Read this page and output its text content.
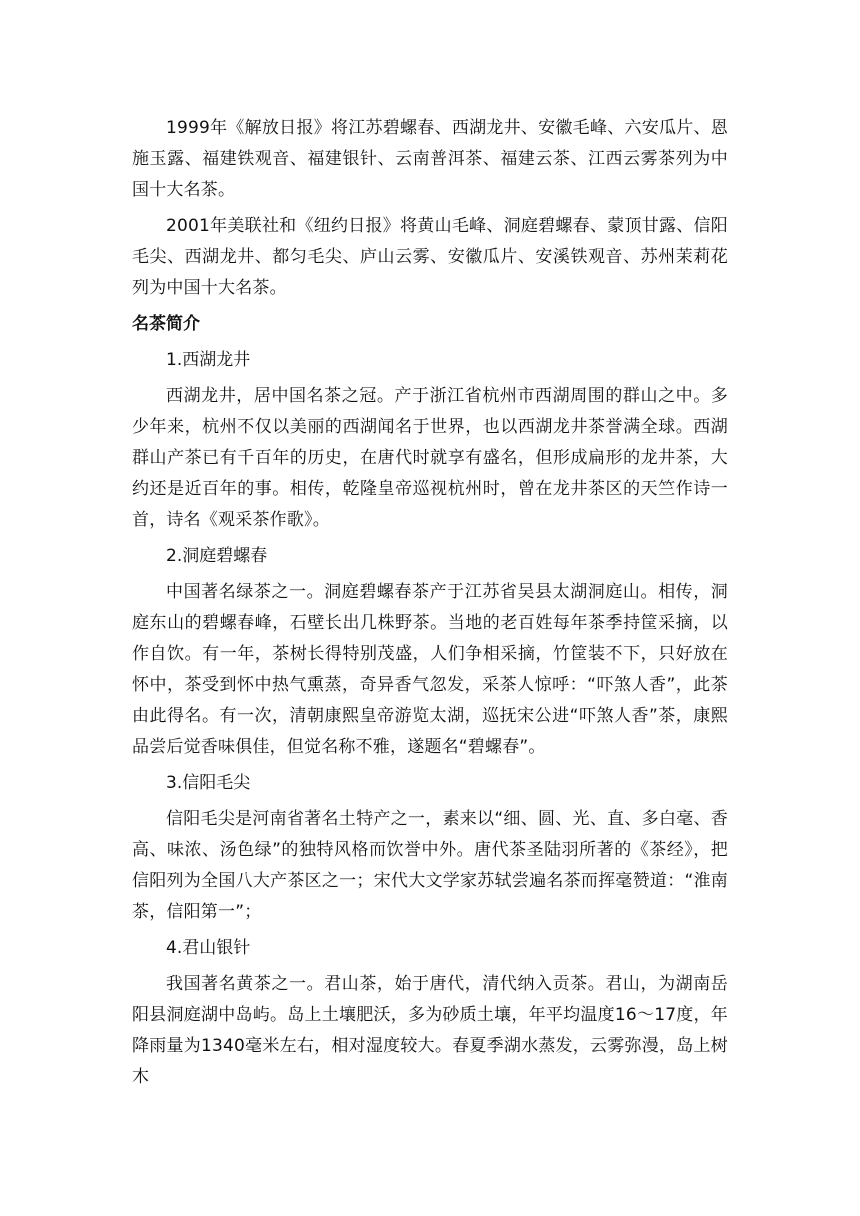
1999年《解放日报》将江苏碧螺春、西湖龙井、安徽毛峰、六安瓜片、恩施玉露、福建铁观音、福建银针、云南普洱茶、福建云茶、江西云雾茶列为中国十大名茶。

2001年美联社和《纽约日报》将黄山毛峰、洞庭碧螺春、蒙顶甘露、信阳毛尖、西湖龙井、都匀毛尖、庐山云雾、安徽瓜片、安溪铁观音、苏州茉莉花列为中国十大名茶。

名茶简介
1.西湖龙井

西湖龙井，居中国名茶之冠。产于浙江省杭州市西湖周围的群山之中。多少年来，杭州不仅以美丽的西湖闻名于世界，也以西湖龙井茶誉满全球。西湖群山产茶已有千百年的历史，在唐代时就享有盛名，但形成扁形的龙井茶，大约还是近百年的事。相传，乾隆皇帝巡视杭州时，曾在龙井茶区的天竺作诗一首，诗名《观采茶作歌》。

2.洞庭碧螺春

中国著名绿茶之一。洞庭碧螺春茶产于江苏省吴县太湖洞庭山。相传，洞庭东山的碧螺春峰，石壁长出几株野茶。当地的老百姓每年茶季持筐采摘，以作自饮。有一年，茶树长得特别茂盛，人们争相采摘，竹筐装不下，只好放在怀中，茶受到怀中热气熏蒸，奇异香气忽发，采茶人惊呼：“吓煞人香”，此茶由此得名。有一次，清朝康熙皇帝游览太湖，巡抚宋公进“吓煞人香”茶，康熙品尝后觉香味俱佳，但觉名称不雅，遂题名“碧螺春”。

3.信阳毛尖

信阳毛尖是河南省著名土特产之一，素来以“细、圆、光、直、多白毫、香高、味浓、汤色绿”的独特风格而饮誉中外。唐代茶圣陆羽所著的《茶经》，把信阳列为全国八大产茶区之一；宋代大文学家苏轼尝遍名茶而挥毫赞道：“淮南茶，信阳第一”；

4.君山银针

我国著名黄茶之一。君山茶，始于唐代，清代纳入贡茶。君山，为湖南岳阳县洞庭湖中岛屿。岛上土壤肥沃，多为砂质土壤，年平均温度16～17度，年降雨量为1340毫米左右，相对湿度较大。春夏季湖水蒸发，云雾弥漫，岛上树木
